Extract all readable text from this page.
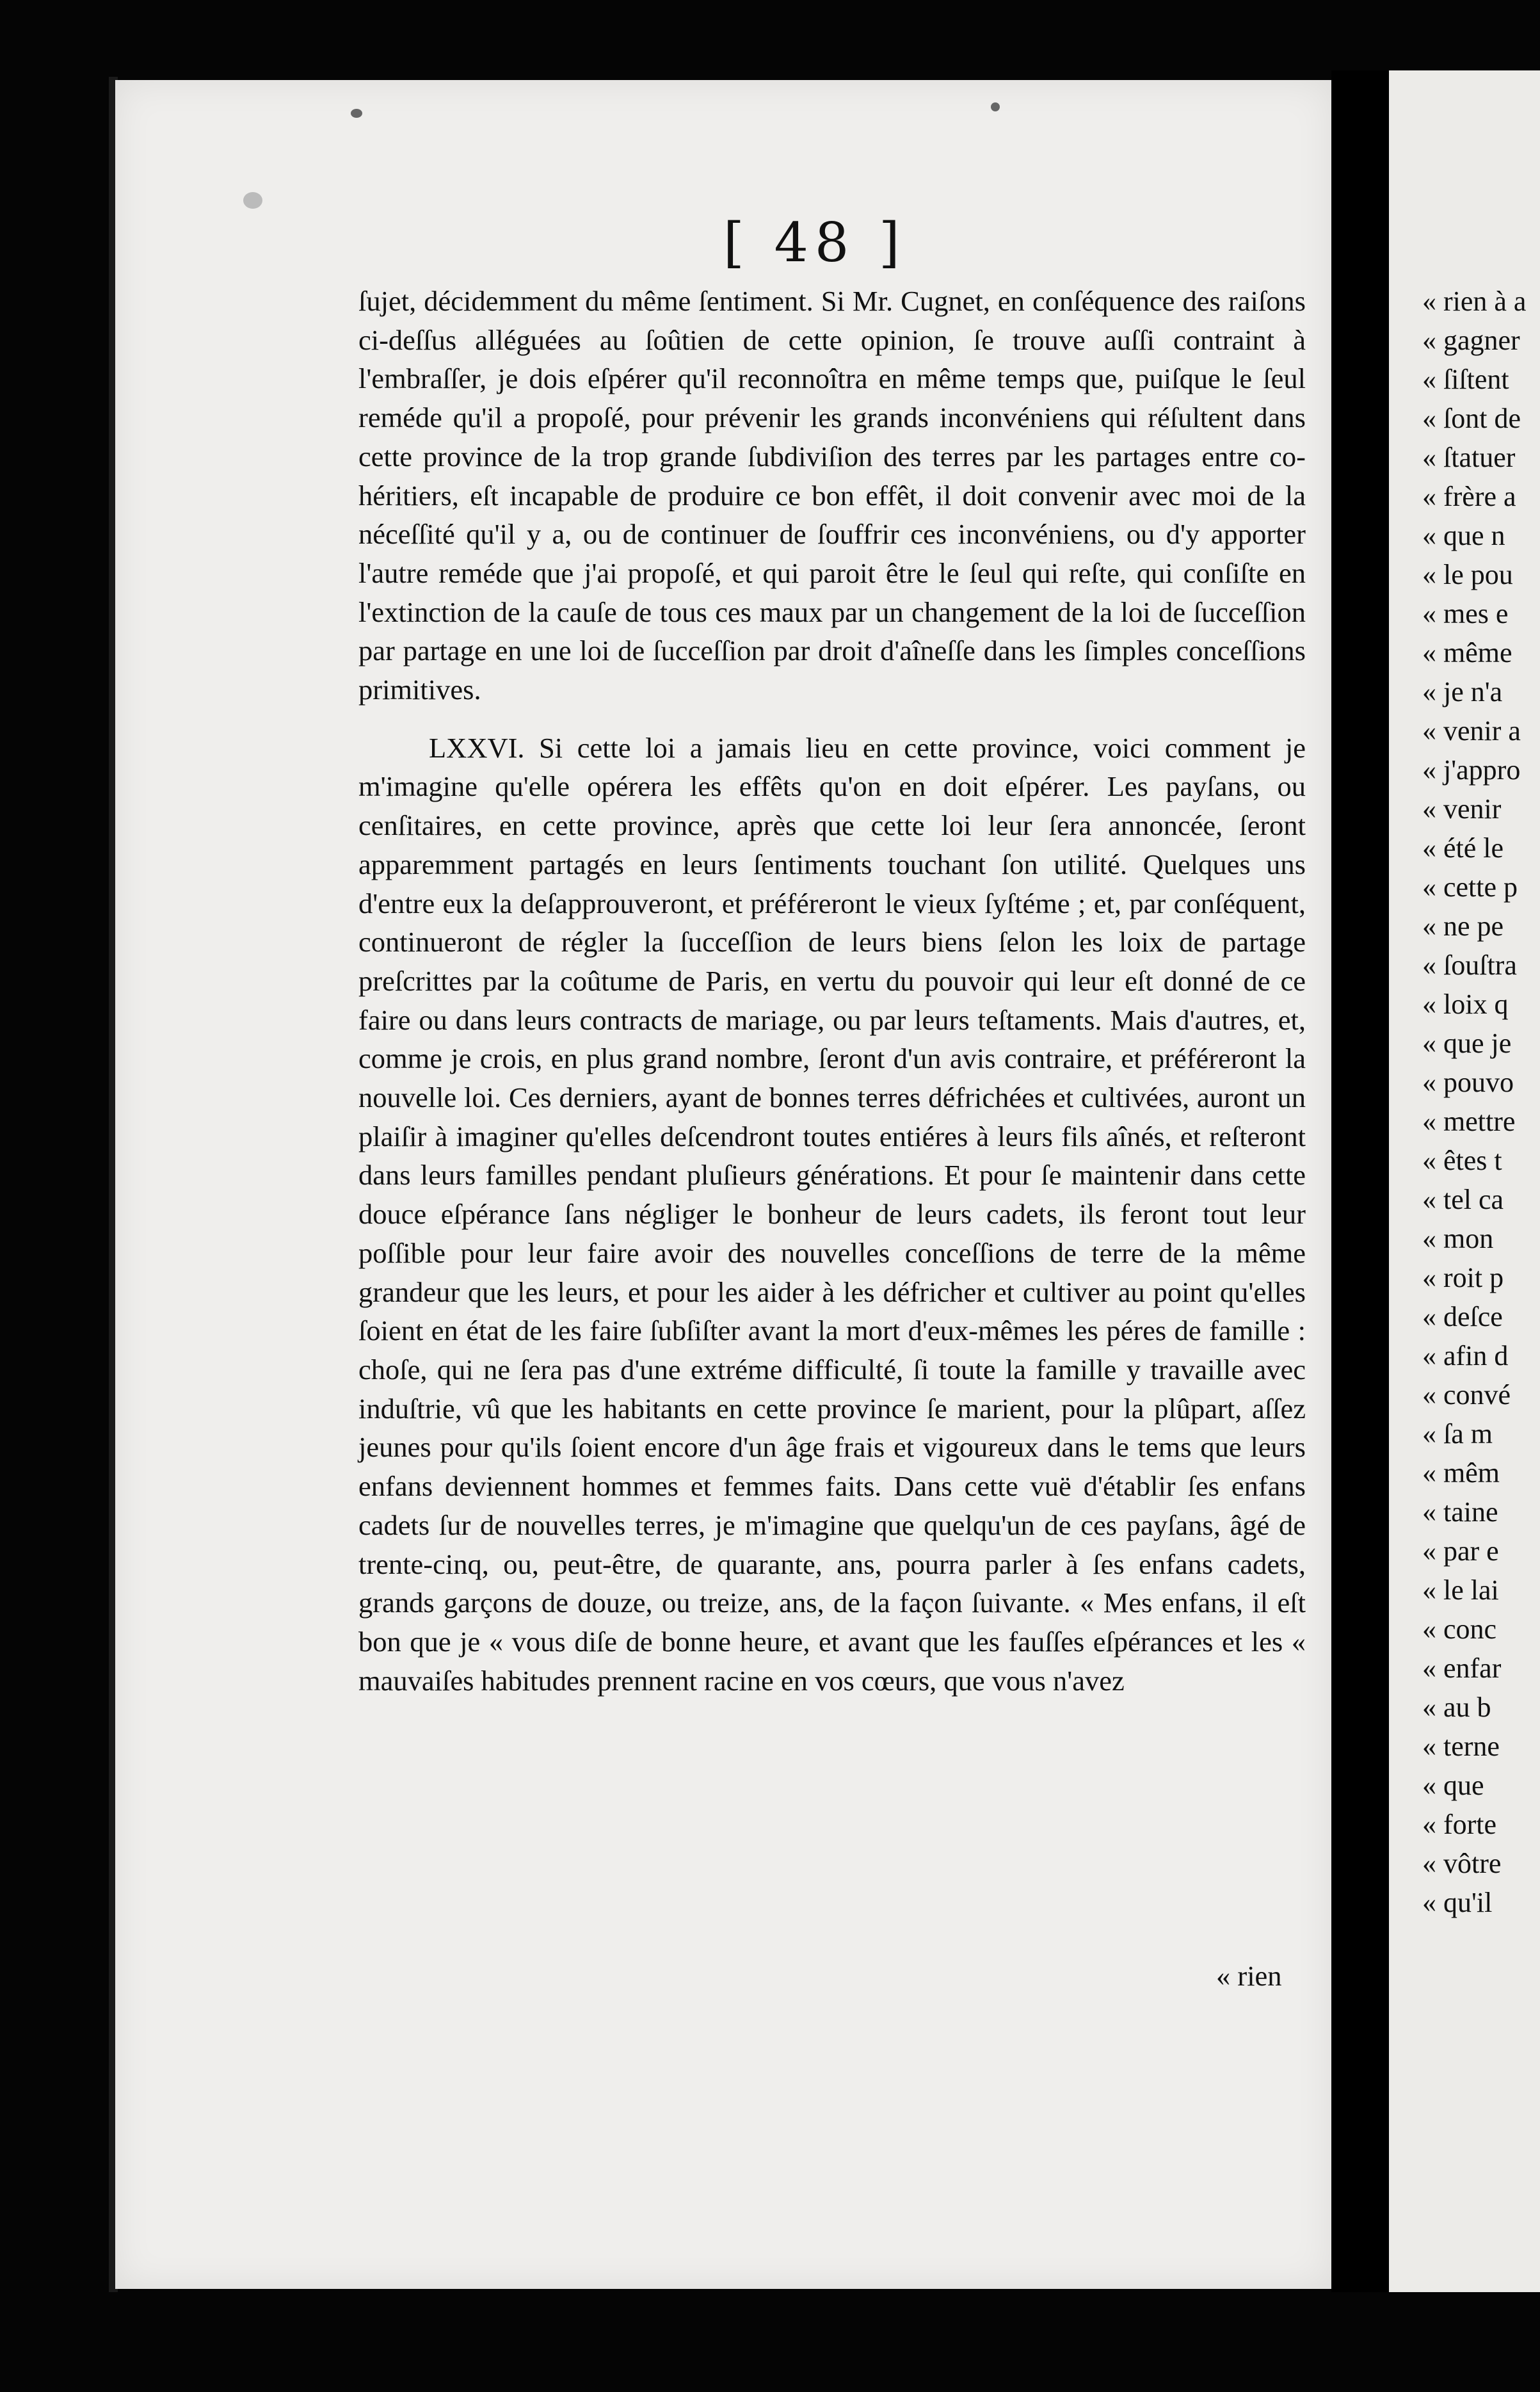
[ 48 ]

ſujet, décidemment du même ſentiment. Si Mr. Cugnet, en conſéquence des raiſons ci-deſſus alléguées au ſoûtien de cette opinion, ſe trouve auſſi contraint à l'embraſſer, je dois eſpérer qu'il reconnoîtra en même temps que, puiſque le ſeul reméde qu'il a propoſé, pour prévenir les grands inconvéniens qui réſultent dans cette province de la trop grande ſubdiviſion des terres par les partages entre co-héritiers, eſt incapable de produire ce bon effêt, il doit convenir avec moi de la néceſſité qu'il y a, ou de continuer de ſouffrir ces inconvéniens, ou d'y apporter l'autre reméde que j'ai propoſé, et qui paroit être le ſeul qui reſte, qui conſiſte en l'extinction de la cauſe de tous ces maux par un changement de la loi de ſucceſſion par partage en une loi de ſucceſſion par droit d'aîneſſe dans les ſimples conceſſions primitives.

LXXVI. Si cette loi a jamais lieu en cette province, voici comment je m'imagine qu'elle opérera les effêts qu'on en doit eſpérer. Les payſans, ou cenſitaires, en cette province, après que cette loi leur ſera annoncée, ſeront apparemment partagés en leurs ſentiments touchant ſon utilité. Quelques uns d'entre eux la deſapprouveront, et préféreront le vieux ſyſtéme ; et, par conſéquent, continueront de régler la ſucceſſion de leurs biens ſelon les loix de partage preſcrittes par la coûtume de Paris, en vertu du pouvoir qui leur eſt donné de ce faire ou dans leurs contracts de mariage, ou par leurs teſtaments. Mais d'autres, et, comme je crois, en plus grand nombre, ſeront d'un avis contraire, et préféreront la nouvelle loi. Ces derniers, ayant de bonnes terres défrichées et cultivées, auront un plaiſir à imaginer qu'elles deſcendront toutes entiéres à leurs fils aînés, et reſteront dans leurs familles pendant pluſieurs générations. Et pour ſe maintenir dans cette douce eſpérance ſans négliger le bonheur de leurs cadets, ils feront tout leur poſſible pour leur faire avoir des nouvelles conceſſions de terre de la même grandeur que les leurs, et pour les aider à les défricher et cultiver au point qu'elles ſoient en état de les faire ſubſiſter avant la mort d'eux-mêmes les péres de famille : choſe, qui ne ſera pas d'une extréme difficulté, ſi toute la famille y travaille avec induſtrie, vû que les habitants en cette province ſe marient, pour la plûpart, aſſez jeunes pour qu'ils ſoient encore d'un âge frais et vigoureux dans le tems que leurs enfans deviennent hommes et femmes faits. Dans cette vuë d'établir ſes enfans cadets ſur de nouvelles terres, je m'imagine que quelqu'un de ces payſans, âgé de trente-cinq, ou, peut-être, de quarante, ans, pourra parler à ſes enfans cadets, grands garçons de douze, ou treize, ans, de la façon ſuivante. « Mes enfans, il eſt bon que je « vous diſe de bonne heure, et avant que les fauſſes eſpérances et les « mauvaiſes habitudes prennent racine en vos cœurs, que vous n'avez

« rien
« rien à a
« gagner
« ſiſtent
« ſont de
« ſtatuer
« frère a
« que n
« le pou
« mes e
« même
« je n'a
« venir a
« j'appro
« venir
« été le
« cette p
« ne pe
« ſouſtra
« loix q
« que je
« pouvo
« mettre
« êtes t
« tel ca
« mon
« roit p
« deſce
« afin d
« convé
« ſa m
« mêm
« taine
« par e
« le lai
« conc
« enfar
« au b
« terne
« que
« forte
« vôtre
« qu'il
